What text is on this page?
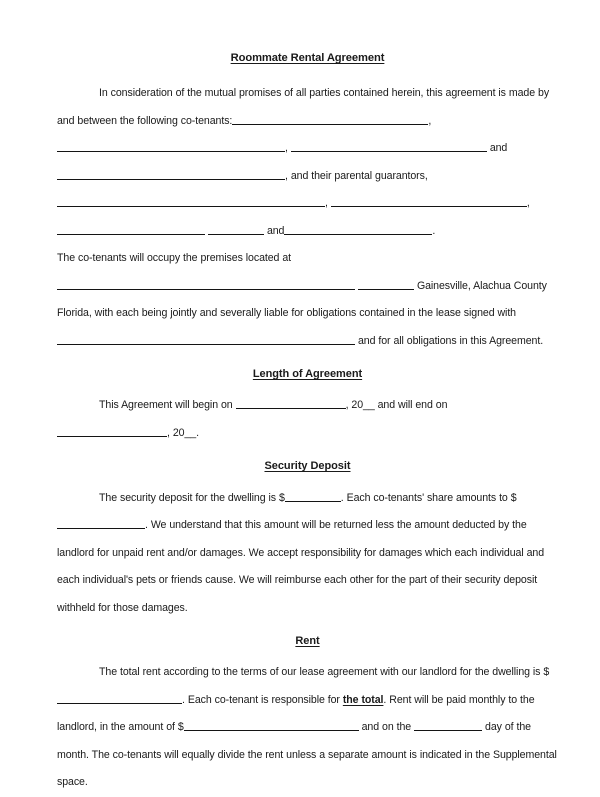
Roommate Rental Agreement

In consideration of the mutual promises of all parties contained herein, this agreement is made by and between the following co-tenants:	, ,	and, and their parental guarantors, ,	,   and	.

The co-tenants will occupy the premises located at  Gainesville, Alachua County Florida, with each being jointly and severally liable for obligations contained in the lease signed with and for all obligations in this Agreement.

Length of Agreement

This Agreement will begin on	, 20__ and will end on , 20__.

Security Deposit

The security deposit for the dwelling is $	. Each co-tenants' share amounts to $. We understand that this amount will be returned less the amount deducted by the landlord for unpaid rent and/or damages. We accept responsibility for damages which each individual and each individual's pets or friends cause. We will reimburse each other for the part of their security deposit withheld for those damages.

Rent

The total rent according to the terms of our lease agreement with our landlord for the dwelling is $ . Each co-tenant is responsible for the total. Rent will be paid monthly to the landlord, in the amount of $	and on the	day of the month. The co-tenants will equally divide the rent unless a separate amount is indicated in the Supplemental space.
